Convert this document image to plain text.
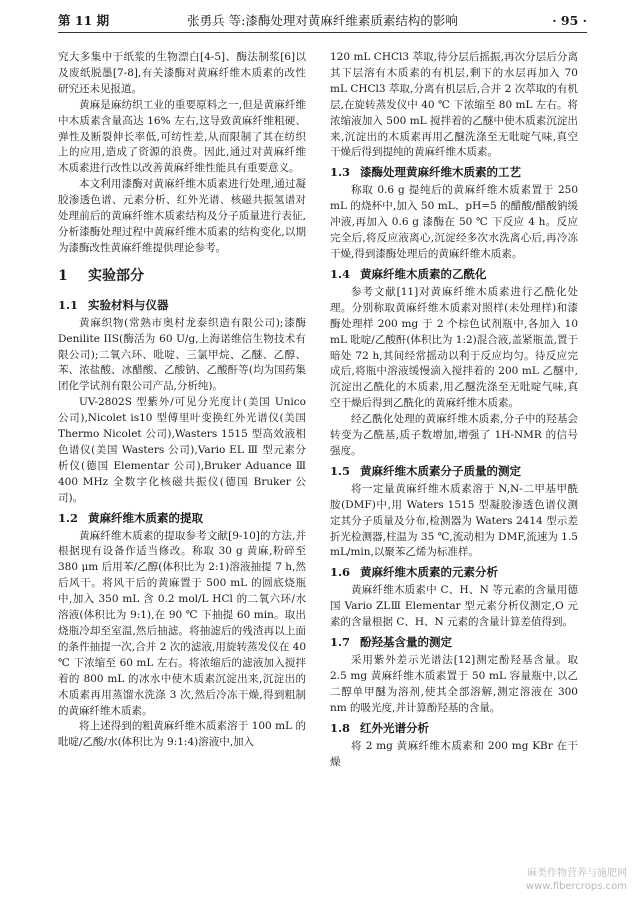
第 11 期	张勇兵 等:漆酶处理对黄麻纤维素质素结构的影响	· 95 ·

究大多集中于纸浆的生物漂白[4-5]、酶法制浆[6]以及废纸脱墨[7-8],有关漆酶对黄麻纤维木质素的改性研究还未见报道。

黄麻是麻纺织工业的重要原料之一,但是黄麻纤维中木质素含量高达 16% 左右,这导致黄麻纤维粗硬、弹性及断裂伸长率低,可纺性差,从而限制了其在纺织上的应用,造成了资源的浪费。因此,通过对黄麻纤维木质素进行改性以改善黄麻纤维性能具有重要意义。

本文利用漆酶对黄麻纤维木质素进行处理,通过凝胶渗透色谱、元素分析、红外光谱、核磁共振氢谱对处理前后的黄麻纤维木质素结构及分子质量进行表征,分析漆酶处理过程中黄麻纤维木质素的结构变化,以期为漆酶改性黄麻纤维提供理论参考。

1 实验部分
1.1 实验材料与仪器

黄麻织物(常熟市奥村龙泰织造有限公司);漆酶 Denilite IIS(酶活为 60 U/g,上海诺维信生物技术有限公司);二氧六环、吡啶、三氯甲烷、乙醚、乙醇、苯、浓盐酸、冰醋酸、乙酸钠、乙酸酐等(均为国药集团化学试剂有限公司产品,分析纯)。

UV-2802S 型紫外/可见分光度计(美国 Unico 公司),Nicolet is10 型傅里叶变换红外光谱仪(美国 Thermo Nicolet 公司),Wasters 1515 型高效液相色谱仪(美国 Wasters 公司),Vario EL Ⅲ 型元素分析仪(德国 Elementar 公司),Bruker Aduance Ⅲ 400 MHz 全数字化核磁共振仪(德国 Bruker 公司)。

1.2 黄麻纤维木质素的提取

黄麻纤维木质素的提取参考文献[9-10]的方法,并根据现有设备作适当修改。称取 30 g 黄麻,粉碎至 380 μm 后用苯/乙醇(体积比为 2:1)溶液抽提 7 h,然后风干。将风干后的黄麻置于 500 mL 的圆底烧瓶中,加入 350 mL 含 0.2 mol/L HCl 的二氧六环/水溶液(体积比为 9:1),在 90 ℃ 下抽提 60 min。取出烧瓶冷却至室温,然后抽滤。将抽滤后的残渣再以上面的条件抽提一次,合并 2 次的滤液,用旋转蒸发仪在 40 ℃ 下浓缩至 60 mL 左右。将浓缩后的滤液加入搅拌着的 800 mL 的冰水中使木质素沉淀出来,沉淀出的木质素再用蒸馏水洗涤 3 次,然后冷冻干燥,得到粗制的黄麻纤维木质素。

将上述得到的粗黄麻纤维木质素溶于 100 mL 的吡啶/乙酸/水(体积比为 9:1:4)溶液中,加入

120 mL CHCl3 萃取,待分层后摇振,再次分层后分离其下层溶有木质素的有机层,剩下的水层再加入 70 mL CHCl3 萃取,分离有机层后,合并 2 次萃取的有机层,在旋转蒸发仪中 40 ℃ 下浓缩至 80 mL 左右。将浓缩液加入 500 mL 搅拌着的乙醚中使木质素沉淀出来,沉淀出的木质素再用乙醚洗涤至无吡啶气味,真空干燥后得到提纯的黄麻纤维木质素。

1.3 漆酶处理黄麻纤维木质素的工艺

称取 0.6 g 提纯后的黄麻纤维木质素置于 250 mL 的烧杯中,加入 50 mL、pH=5 的醋酸/醋酸钠缓冲液,再加入 0.6 g 漆酶在 50 ℃ 下反应 4 h。反应完全后,将反应液离心,沉淀经多次水洗离心后,再冷冻干燥,得到漆酶处理后的黄麻纤维木质素。

1.4 黄麻纤维木质素的乙酰化

参考文献[11]对黄麻纤维木质素进行乙酰化处理。分别称取黄麻纤维木质素对照样(未处理样)和漆酶处理样 200 mg 于 2 个棕色试剂瓶中,各加入 10 mL 吡啶/乙酸酐(体积比为 1:2)混合液,盖紧瓶盖,置于暗处 72 h,其间经常摇动以利于反应均匀。待反应完成后,将瓶中溶液缓慢滴入搅拌着的 200 mL 乙醚中,沉淀出乙酰化的木质素,用乙醚洗涤至无吡啶气味,真空干燥后得到乙酰化的黄麻纤维木质素。

经乙酰化处理的黄麻纤维木质素,分子中的羟基会转变为乙酰基,质子数增加,增强了 1H-NMR 的信号强度。

1.5 黄麻纤维木质素分子质量的测定

将一定量黄麻纤维木质素溶于 N,N-二甲基甲酰胺(DMF)中,用 Waters 1515 型凝胶渗透色谱仪测定其分子质量及分布,检测器为 Waters 2414 型示差折光检测器,柱温为 35 ℃,流动相为 DMF,流速为 1.5 mL/min,以聚苯乙烯为标准样。

1.6 黄麻纤维木质素的元素分析

黄麻纤维木质素中 C、H、N 等元素的含量用德国 Vario ZLⅢ Elementar 型元素分析仪测定,O 元素的含量根据 C、H、N 元素的含量计算差值得到。

1.7 酚羟基含量的测定

采用紫外差示光谱法[12]测定酚羟基含量。取 2.5 mg 黄麻纤维木质素置于 50 mL 容量瓶中,以乙二醇单甲醚为溶剂,使其全部溶解,测定溶液在 300 nm 的吸光度,并计算酚羟基的含量。

1.8 红外光谱分析

将 2 mg 黄麻纤维木质素和 200 mg KBr 在干燥

麻类作物营养与施肥网
www.fibercrops.com
